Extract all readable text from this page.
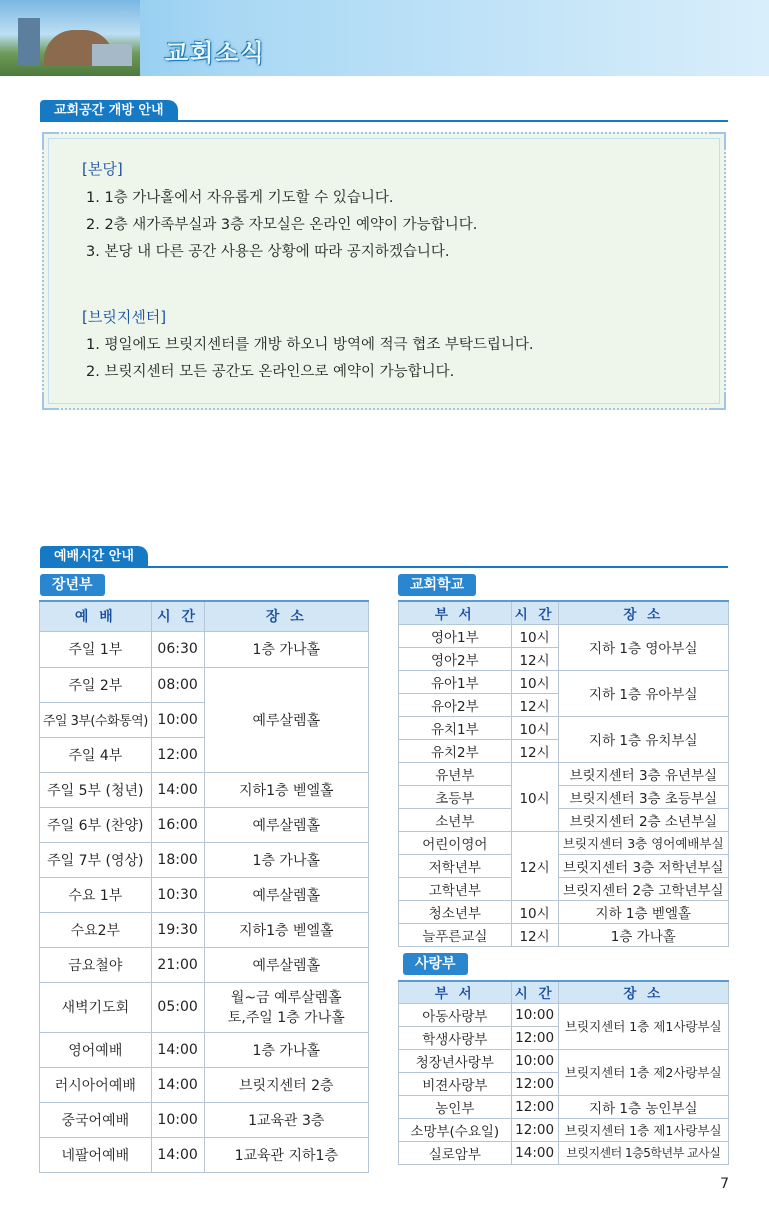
교회소식
교회공간 개방 안내
[본당]
1. 1층 가나홀에서 자유롭게 기도할 수 있습니다.
2. 2층 새가족부실과 3층 자모실은 온라인 예약이 가능합니다.
3. 본당 내 다른 공간 사용은 상황에 따라 공지하겠습니다.
[브릿지센터]
1. 평일에도 브릿지센터를 개방 하오니 방역에 적극 협조 부탁드립니다.
2. 브릿지센터 모든 공간도 온라인으로 예약이 가능합니다.
예배시간 안내
장년부
예 배	시 간	장 소
주일 1부	06:30	1층 가나홀
주일 2부	08:00	예루살렘홀
주일 3부(수화통역)	10:00	
주일 4부	12:00	
주일 5부 (청년)	14:00	지하1층 벧엘홀
주일 6부 (찬양)	16:00	예루살렘홀
주일 7부 (영상)	18:00	1층 가나홀
수요 1부	10:30	예루살렘홀
수요2부	19:30	지하1층 벧엘홀
금요철야	21:00	예루살렘홀
새벽기도회	05:00	월~금 예루살렘홀
토,주일 1층 가나홀

영어예배	14:00	1층 가나홀
러시아어예배	14:00	브릿지센터 2층
중국어예배	10:00	1교육관 3층
네팔어예배	14:00	1교육관 지하1층
교회학교
부 서	시 간	장 소
영아1부	10시	지하 1층 영아부실
영아2부	12시	
유아1부	10시	지하 1층 유아부실
유아2부	12시	
유치1부	10시	지하 1층 유치부실
유치2부	12시	
유년부	10시	브릿지센터 3층 유년부실
초등부		브릿지센터 3층 초등부실
소년부		브릿지센터 2층 소년부실
어린이영어	12시	브릿지센터 3층 영어예배부실
저학년부		브릿지센터 3층 저학년부실
고학년부		브릿지센터 2층 고학년부실
청소년부	10시	지하 1층 벧엘홀
늘푸른교실	12시	1층 가나홀
사랑부
부 서	시 간	장 소
아동사랑부	10:00	브릿지센터 1층 제1사랑부실
학생사랑부	12:00	
청장년사랑부	10:00	브릿지센터 1층 제2사랑부실
비젼사랑부	12:00	
농인부	12:00	지하 1층 농인부실
소망부(수요일)	12:00	브릿지센터 1층 제1사랑부실
실로암부	14:00	브릿지센터 1층5학년부 교사실
7
